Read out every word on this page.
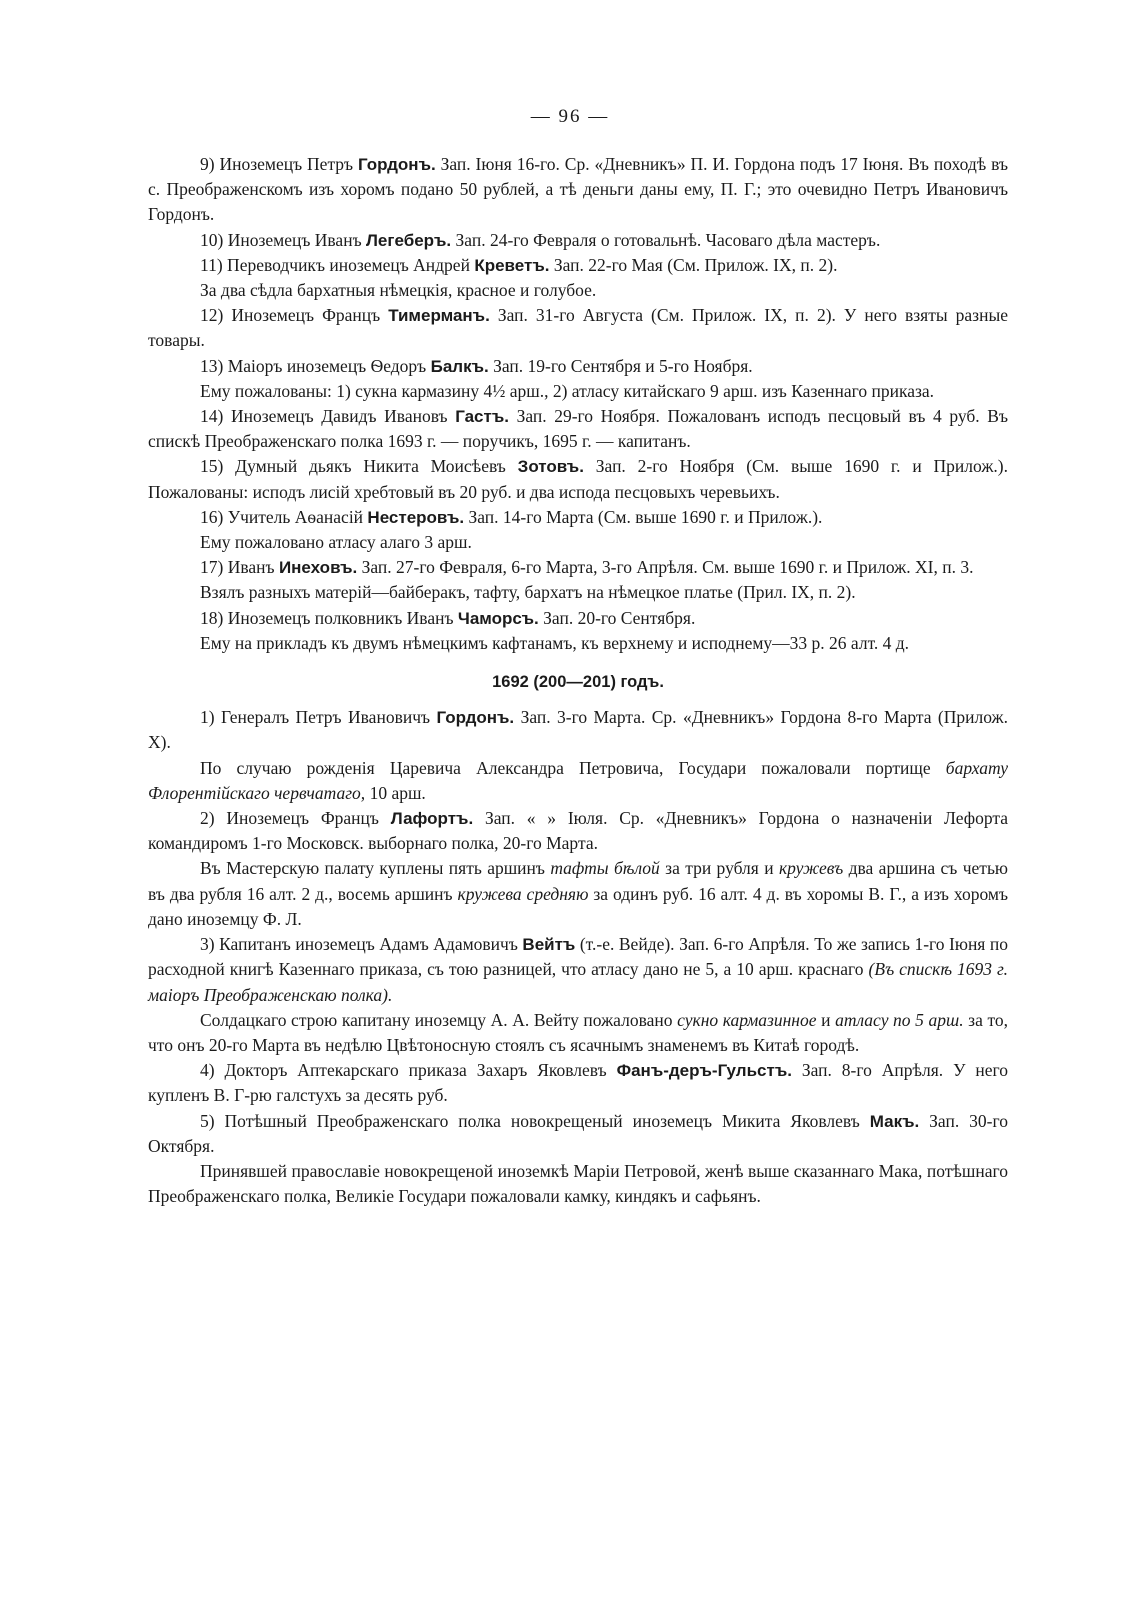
— 96 —

9) Иноземецъ Петръ Гордонъ. Зап. Іюня 16-го. Ср. «Дневникъ» П. И. Гордона подъ 17 Іюня. Въ походѣ въ с. Преображенскомъ изъ хоромъ подано 50 рублей, а тѣ деньги даны ему, П. Г.; это очевидно Петръ Ивановичъ Гордонъ.

10) Иноземецъ Иванъ Легеберъ. Зап. 24-го Февраля о готовальнѣ. Часоваго дѣла мастеръ.

11) Переводчикъ иноземецъ Андрей Креветъ. Зап. 22-го Мая (См. Прилож. IX, п. 2).

За два сѣдла бархатныя нѣмецкія, красное и голубое.

12) Иноземецъ Францъ Тимерманъ. Зап. 31-го Августа (См. Прилож. IX, п. 2). У него взяты разные товары.

13) Маіоръ иноземецъ Ѳедоръ Балкъ. Зап. 19-го Сентября и 5-го Ноября.

Ему пожалованы: 1) сукна кармазину 4½ арш., 2) атласу китайскаго 9 арш. изъ Казеннаго приказа.

14) Иноземецъ Давидъ Ивановъ Гастъ. Зап. 29-го Ноября. Пожалованъ исподъ песцовый въ 4 руб. Въ спискѣ Преображенскаго полка 1693 г. — поручикъ, 1695 г. — капитанъ.

15) Думный дьякъ Никита Моисѣевъ Зотовъ. Зап. 2-го Ноября (См. выше 1690 г. и Прилож.). Пожалованы: исподъ лисій хребтовый въ 20 руб. и два испода песцовыхъ черевьихъ.

16) Учитель Аѳанасій Нестеровъ. Зап. 14-го Марта (См. выше 1690 г. и Прилож.).

Ему пожаловано атласу алаго 3 арш.

17) Иванъ Инеховъ. Зап. 27-го Февраля, 6-го Марта, 3-го Апрѣля. См. выше 1690 г. и Прилож. XI, п. 3.

Взялъ разныхъ матерій—байберакъ, тафту, бархатъ на нѣмецкое платье (Прил. IX, п. 2).

18) Иноземецъ полковникъ Иванъ Чаморсъ. Зап. 20-го Сентября.

Ему на прикладъ къ двумъ нѣмецкимъ кафтанамъ, къ верхнему и исподнему—33 р. 26 алт. 4 д.

1692 (200—201) годъ.

1) Генералъ Петръ Ивановичъ Гордонъ. Зап. 3-го Марта. Ср. «Дневникъ» Гордона 8-го Марта (Прилож. X).

По случаю рожденія Царевича Александра Петровича, Государи пожаловали портище бархату Флорентійскаго червчатаго, 10 арш.

2) Иноземецъ Францъ Лафортъ. Зап. « » Іюля. Ср. «Дневникъ» Гордона о назначеніи Лефорта командиромъ 1-го Московск. выборнаго полка, 20-го Марта.

Въ Мастерскую палату куплены пять аршинъ тафты бѣлой за три рубля и кружевъ два аршина съ четью въ два рубля 16 алт. 2 д., восемь аршинъ кружева средняю за одинъ руб. 16 алт. 4 д. въ хоромы В. Г., а изъ хоромъ дано иноземцу Ф. Л.

3) Капитанъ иноземецъ Адамъ Адамовичъ Вейтъ (т.-е. Вейде). Зап. 6-го Апрѣля. То же запись 1-го Іюня по расходной книгѣ Казеннаго приказа, съ тою разницей, что атласу дано не 5, а 10 арш. краснаго (Въ спискѣ 1693 г. маіоръ Преображенскаю полка).

Солдацкаго строю капитану иноземцу А. А. Вейту пожаловано сукно кармазинное и атласу по 5 арш. за то, что онъ 20-го Марта въ недѣлю Цвѣтоносную стоялъ съ ясачнымъ знаменемъ въ Китаѣ городѣ.

4) Докторъ Аптекарскаго приказа Захаръ Яковлевъ Фанъ-деръ-Гульстъ. Зап. 8-го Апрѣля. У него купленъ В. Г-рю галстухъ за десять руб.

5) Потѣшный Преображенскаго полка новокрещеный иноземецъ Микита Яковлевъ Макъ. Зап. 30-го Октября.

Принявшей православіе новокрещеной иноземкѣ Маріи Петровой, женѣ выше сказаннаго Мака, потѣшнаго Преображенскаго полка, Великіе Государи пожаловали камку, киндякъ и сафьянъ.
